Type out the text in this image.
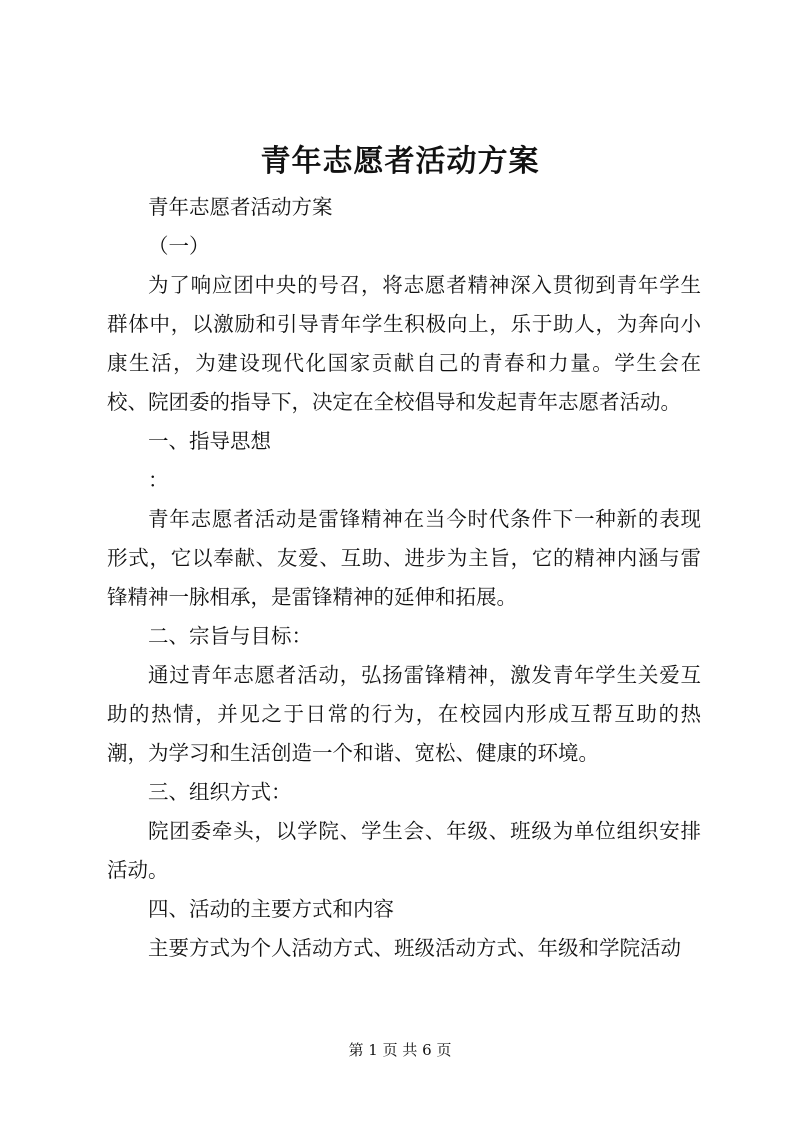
青年志愿者活动方案

青年志愿者活动方案

（一）

为了响应团中央的号召，将志愿者精神深入贯彻到青年学生群体中，以激励和引导青年学生积极向上，乐于助人，为奔向小康生活，为建设现代化国家贡献自己的青春和力量。学生会在校、院团委的指导下，决定在全校倡导和发起青年志愿者活动。

一、指导思想

：

青年志愿者活动是雷锋精神在当今时代条件下一种新的表现形式，它以奉献、友爱、互助、进步为主旨，它的精神内涵与雷锋精神一脉相承，是雷锋精神的延伸和拓展。

二、宗旨与目标：

通过青年志愿者活动，弘扬雷锋精神，激发青年学生关爱互助的热情，并见之于日常的行为，在校园内形成互帮互助的热潮，为学习和生活创造一个和谐、宽松、健康的环境。

三、组织方式：

院团委牵头，以学院、学生会、年级、班级为单位组织安排活动。

四、活动的主要方式和内容

主要方式为个人活动方式、班级活动方式、年级和学院活动

第 1 页 共 6 页
